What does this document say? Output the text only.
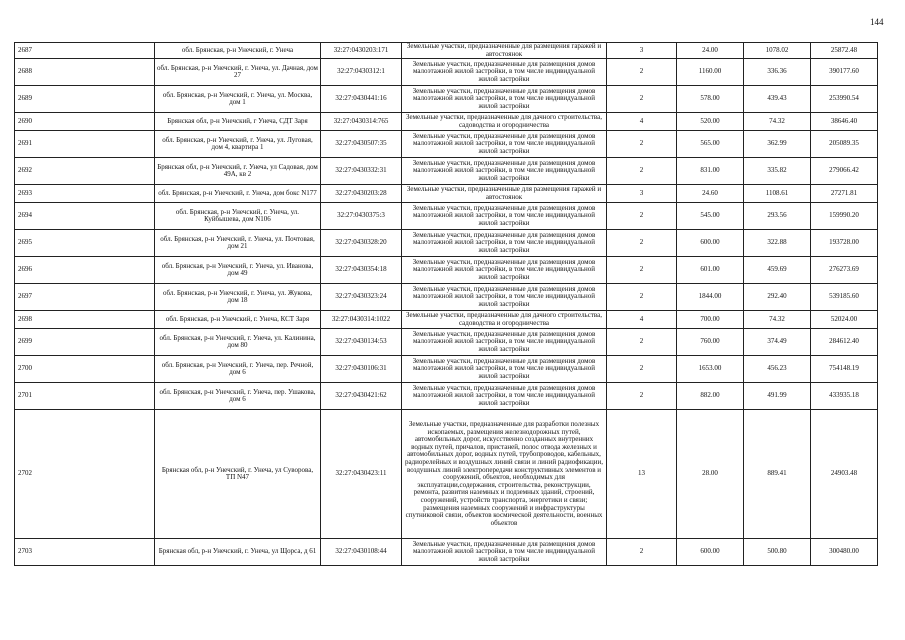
144
2687	обл. Брянская, р-н Унечский, г. Унеча	32:27:0430203:171	Земельные участки, предназначенные для размещения гаражей и автостоянок	3	24.00	1078.02	25872.48
2688	обл. Брянская, р-н Унечский, г. Унеча, ул. Дачная, дом 27	32:27:0430312:1	Земельные участки, предназначенные для размещения домов малоэтажной жилой застройки, в том числе индивидуальной жилой застройки	2	1160.00	336.36	390177.60
2689	обл. Брянская, р-н Унечский, г. Унеча, ул. Москва, дом 1	32:27:0430441:16	Земельные участки, предназначенные для размещения домов малоэтажной жилой застройки, в том числе индивидуальной жилой застройки	2	578.00	439.43	253990.54
2690	Брянская обл, р-н Унечский, г Унеча, СДТ Заря	32:27:0430314:765	Земельные участки, предназначенные для дачного строительства, садоводства и огородничества	4	520.00	74.32	38646.40
2691	обл. Брянская, р-н Унечский, г. Унеча, ул. Луговая, дом 4, квартира 1	32:27:0430507:35	Земельные участки, предназначенные для размещения домов малоэтажной жилой застройки, в том числе индивидуальной жилой застройки	2	565.00	362.99	205089.35
2692	Брянская обл, р-н Унечский, г. Унеча, ул Садовая, дом 49А, кв 2	32:27:0430332:31	Земельные участки, предназначенные для размещения домов малоэтажной жилой застройки, в том числе индивидуальной жилой застройки	2	831.00	335.82	279066.42
2693	обл. Брянская, р-н Унечский, г. Унеча, дом бокс N177	32:27:0430203:28	Земельные участки, предназначенные для размещения гаражей и автостоянок	3	24.60	1108.61	27271.81
2694	обл. Брянская, р-н Унечский, г. Унеча, ул. Куйбышева, дом N106	32:27:0430375:3	Земельные участки, предназначенные для размещения домов малоэтажной жилой застройки, в том числе индивидуальной жилой застройки	2	545.00	293.56	159990.20
2695	обл. Брянская, р-н Унечский, г. Унеча, ул. Почтовая, дом 21	32:27:0430328:20	Земельные участки, предназначенные для размещения домов малоэтажной жилой застройки, в том числе индивидуальной жилой застройки	2	600.00	322.88	193728.00
2696	обл. Брянская, р-н Унечский, г. Унеча, ул. Иванова, дом 49	32:27:0430354:18	Земельные участки, предназначенные для размещения домов малоэтажной жилой застройки, в том числе индивидуальной жилой застройки	2	601.00	459.69	276273.69
2697	обл. Брянская, р-н Унечский, г. Унеча, ул. Жукова, дом 18	32:27:0430323:24	Земельные участки, предназначенные для размещения домов малоэтажной жилой застройки, в том числе индивидуальной жилой застройки	2	1844.00	292.40	539185.60
2698	обл. Брянская, р-н Унечский, г. Унеча, КСТ Заря	32:27:0430314:1022	Земельные участки, предназначенные для дачного строительства, садоводства и огородничества	4	700.00	74.32	52024.00
2699	обл. Брянская, р-н Унечский, г. Унеча, ул. Калинина, дом 80	32:27:0430134:53	Земельные участки, предназначенные для размещения домов малоэтажной жилой застройки, в том числе индивидуальной жилой застройки	2	760.00	374.49	284612.40
2700	обл. Брянская, р-н Унечский, г. Унеча, пер. Речной, дом 6	32:27:0430106:31	Земельные участки, предназначенные для размещения домов малоэтажной жилой застройки, в том числе индивидуальной жилой застройки	2	1653.00	456.23	754148.19
2701	обл. Брянская, р-н Унечский, г. Унеча, пер. Ушакова, дом 6	32:27:0430421:62	Земельные участки, предназначенные для размещения домов малоэтажной жилой застройки, в том числе индивидуальной жилой застройки	2	882.00	491.99	433935.18
2702	Брянская обл, р-н Унечский, г. Унеча, ул Суворова, ТП N47	32:27:0430423:11	Земельные участки, предназначенные для разработки полезных ископаемых, размещения железнодорожных путей, автомобильных дорог, искусственно созданных внутренних водных путей, причалов, пристаней, полос отвода железных и автомобильных дорог, водных путей, трубопроводов, кабельных, радиорелейных и воздушных линий связи и линий радиофикации, воздушных линий электропередачи конструктивных элементов и сооружений, объектов, необходимых для эксплуатации,содержания, строительства, реконструкции, ремонта, развития наземных и подземных зданий, строений, сооружений, устройств транспорта, энергетики и связи; размещения наземных сооружений и инфраструктуры спутниковой связи, объектов космической деятельности, военных объектов	13	28.00	889.41	24903.48
2703	Брянская обл, р-н Унечский, г. Унеча, ул Щорса, д 61	32:27:0430108:44	Земельные участки, предназначенные для размещения домов малоэтажной жилой застройки, в том числе индивидуальной жилой застройки	2	600.00	500.80	300480.00
